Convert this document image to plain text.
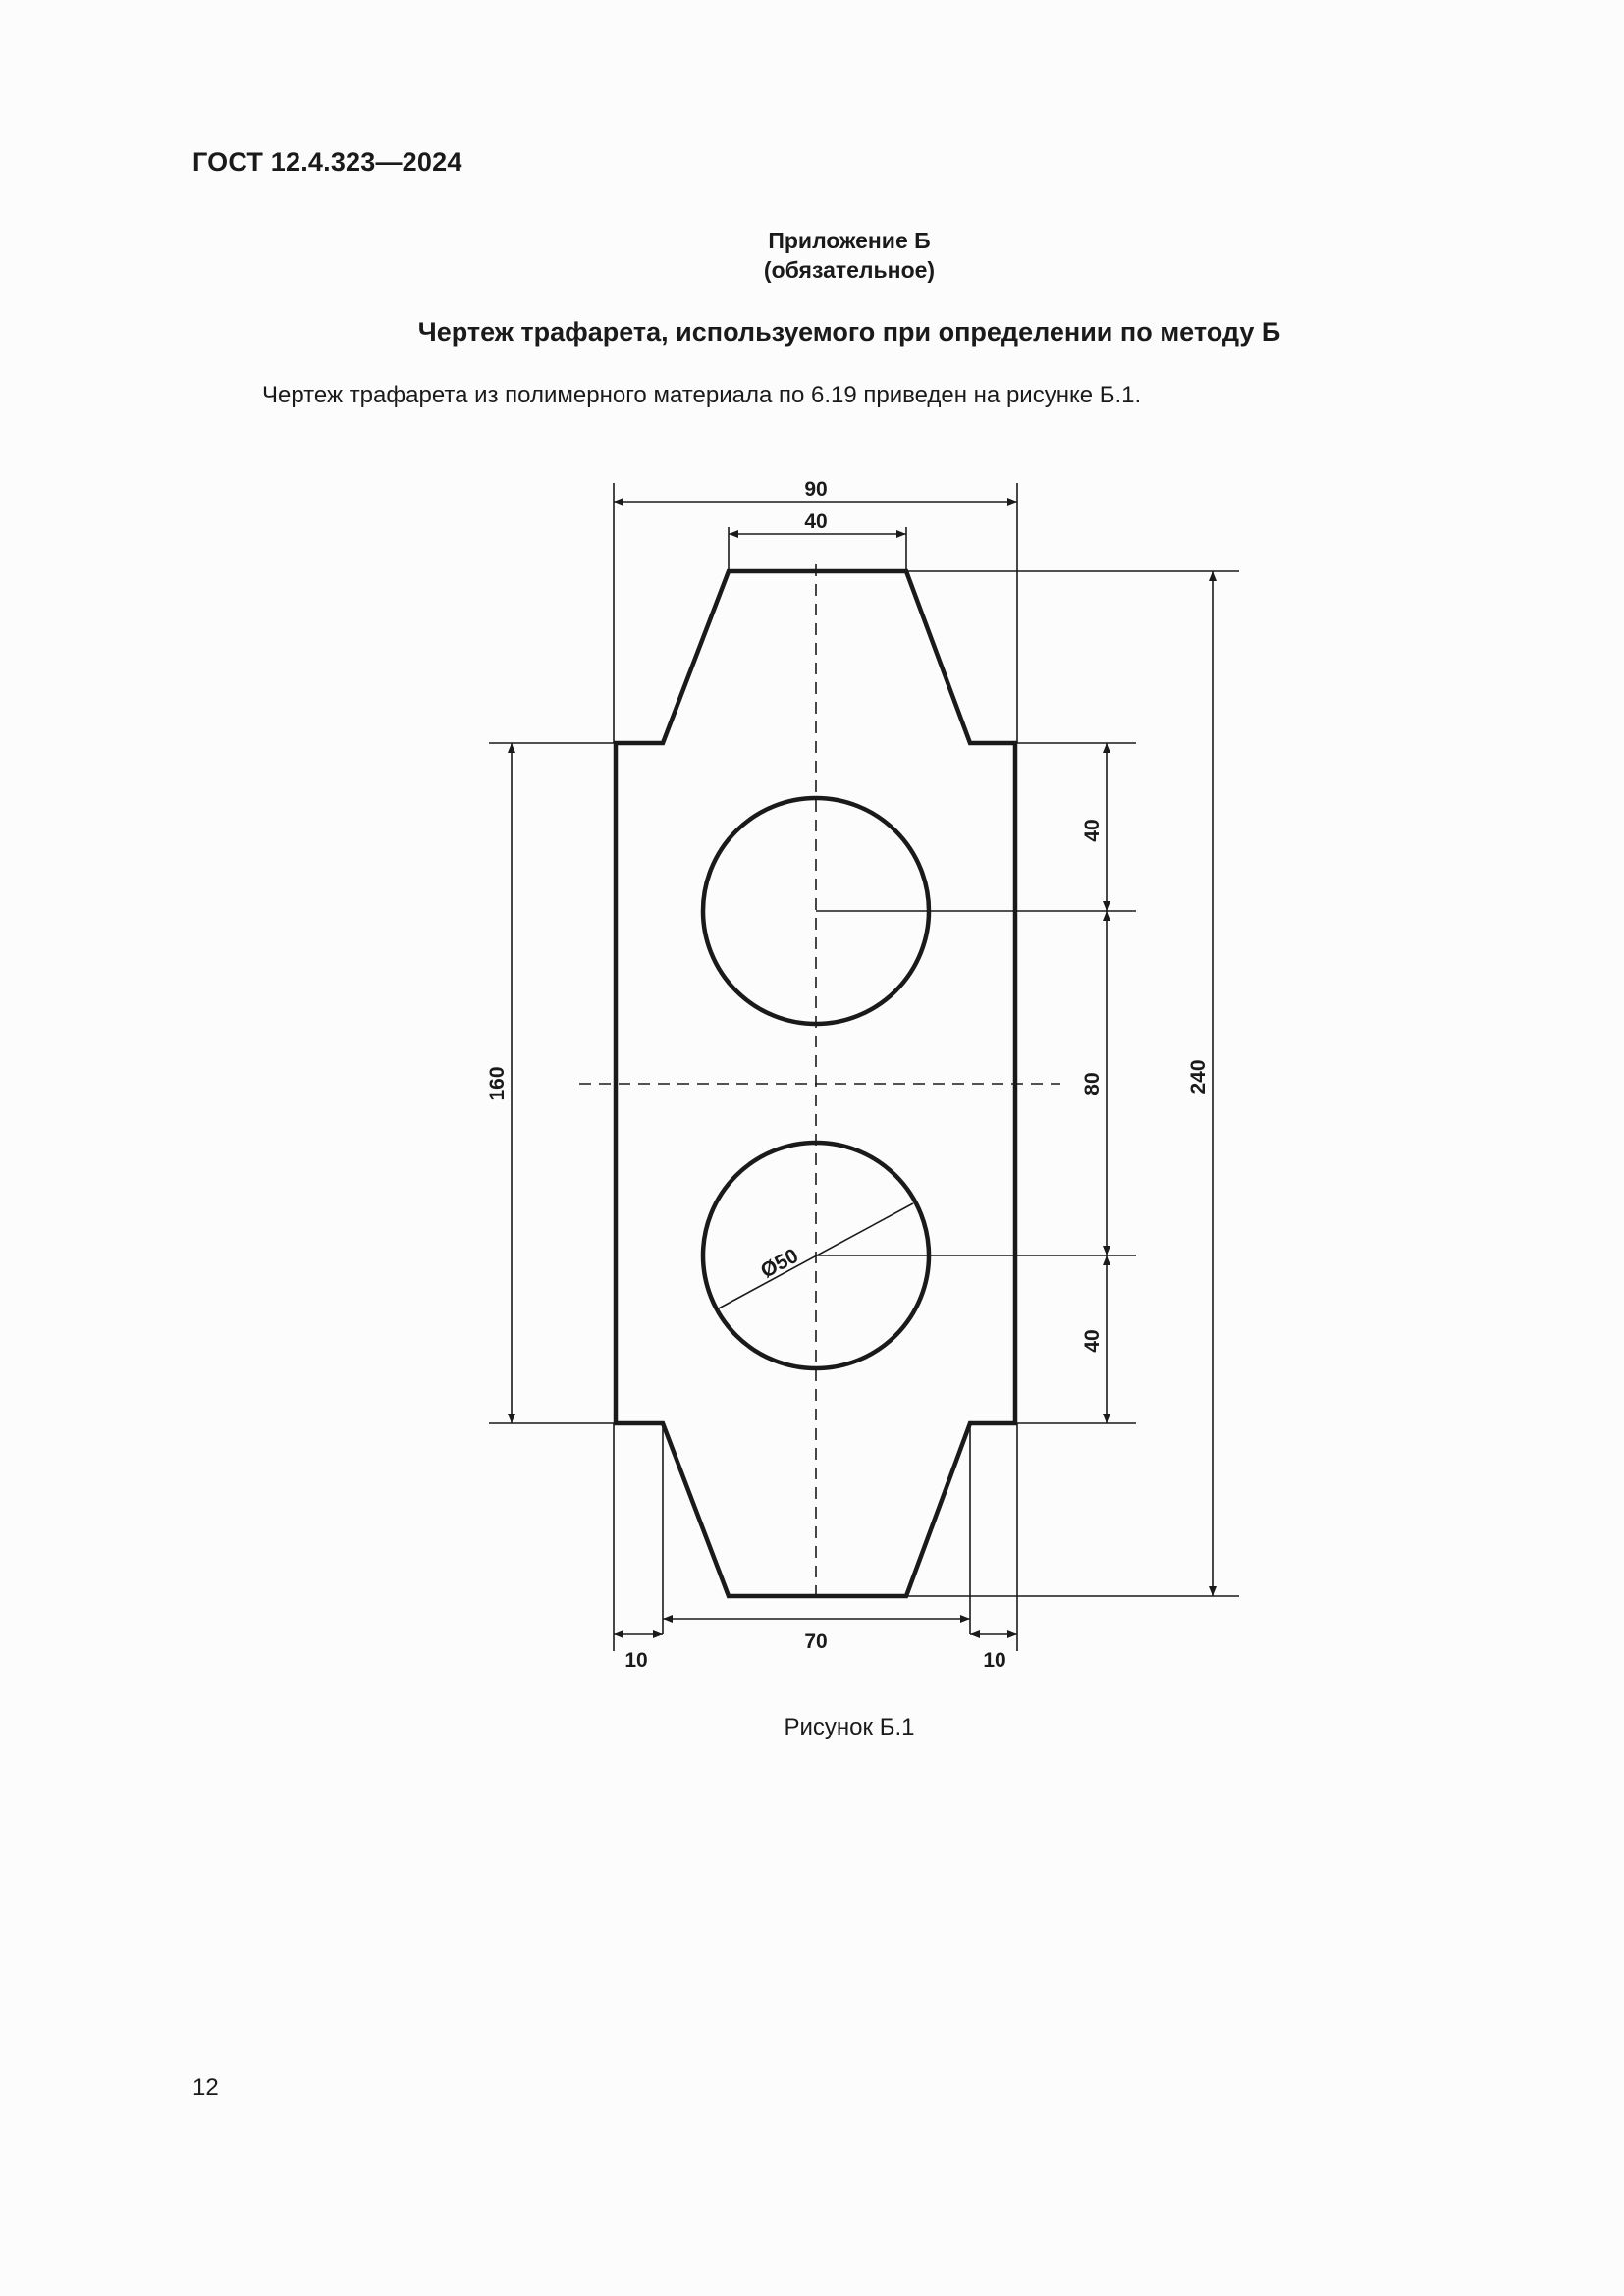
ГОСТ 12.4.323—2024
Приложение Б
(обязательное)
Чертеж трафарета, используемого при определении по методу Б
Чертеж трафарета из полимерного материала по 6.19 приведен на рисунке Б.1.
Ø50
90
40
70
10	10
160	240
40
80
40
Рисунок Б.1
12
